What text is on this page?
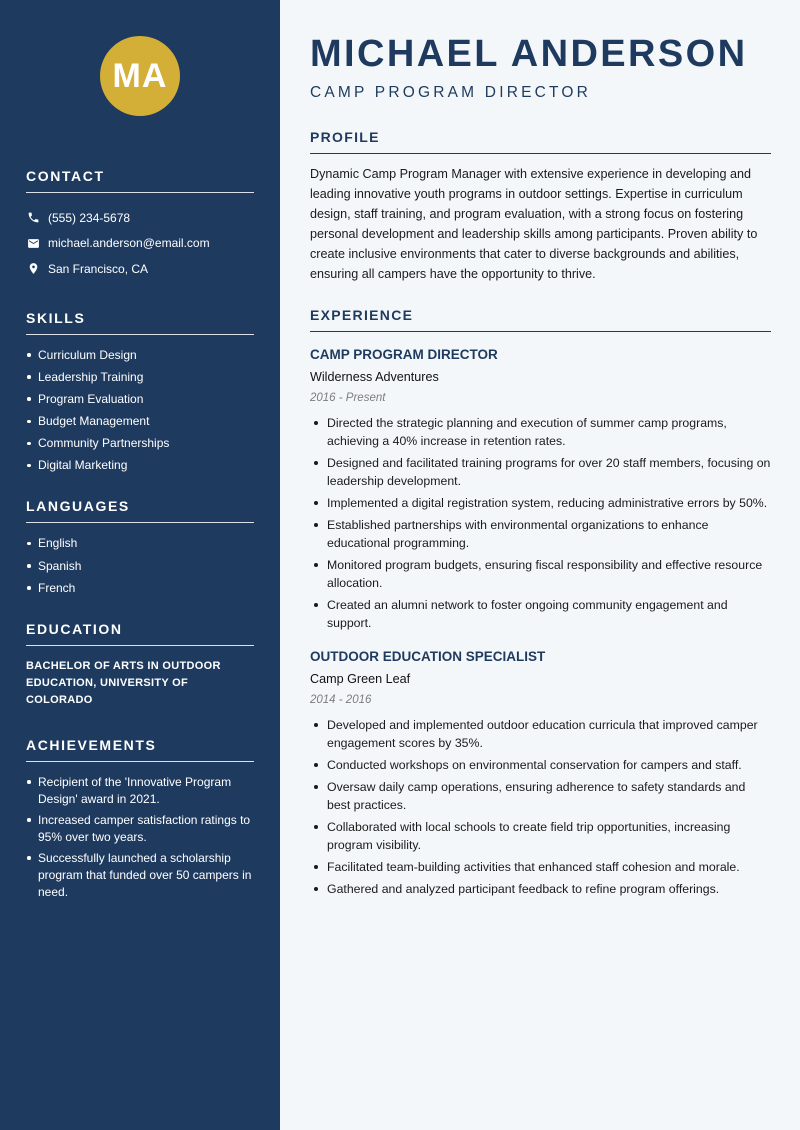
MA
CONTACT
(555) 234-5678
michael.anderson@email.com
San Francisco, CA
SKILLS
Curriculum Design
Leadership Training
Program Evaluation
Budget Management
Community Partnerships
Digital Marketing
LANGUAGES
English
Spanish
French
EDUCATION
BACHELOR OF ARTS IN OUTDOOR EDUCATION, UNIVERSITY OF COLORADO
ACHIEVEMENTS
Recipient of the 'Innovative Program Design' award in 2021.
Increased camper satisfaction ratings to 95% over two years.
Successfully launched a scholarship program that funded over 50 campers in need.
MICHAEL ANDERSON
CAMP PROGRAM DIRECTOR
PROFILE
Dynamic Camp Program Manager with extensive experience in developing and leading innovative youth programs in outdoor settings. Expertise in curriculum design, staff training, and program evaluation, with a strong focus on fostering personal development and leadership skills among participants. Proven ability to create inclusive environments that cater to diverse backgrounds and abilities, ensuring all campers have the opportunity to thrive.
EXPERIENCE
CAMP PROGRAM DIRECTOR
Wilderness Adventures
2016 - Present
Directed the strategic planning and execution of summer camp programs, achieving a 40% increase in retention rates.
Designed and facilitated training programs for over 20 staff members, focusing on leadership development.
Implemented a digital registration system, reducing administrative errors by 50%.
Established partnerships with environmental organizations to enhance educational programming.
Monitored program budgets, ensuring fiscal responsibility and effective resource allocation.
Created an alumni network to foster ongoing community engagement and support.
OUTDOOR EDUCATION SPECIALIST
Camp Green Leaf
2014 - 2016
Developed and implemented outdoor education curricula that improved camper engagement scores by 35%.
Conducted workshops on environmental conservation for campers and staff.
Oversaw daily camp operations, ensuring adherence to safety standards and best practices.
Collaborated with local schools to create field trip opportunities, increasing program visibility.
Facilitated team-building activities that enhanced staff cohesion and morale.
Gathered and analyzed participant feedback to refine program offerings.
